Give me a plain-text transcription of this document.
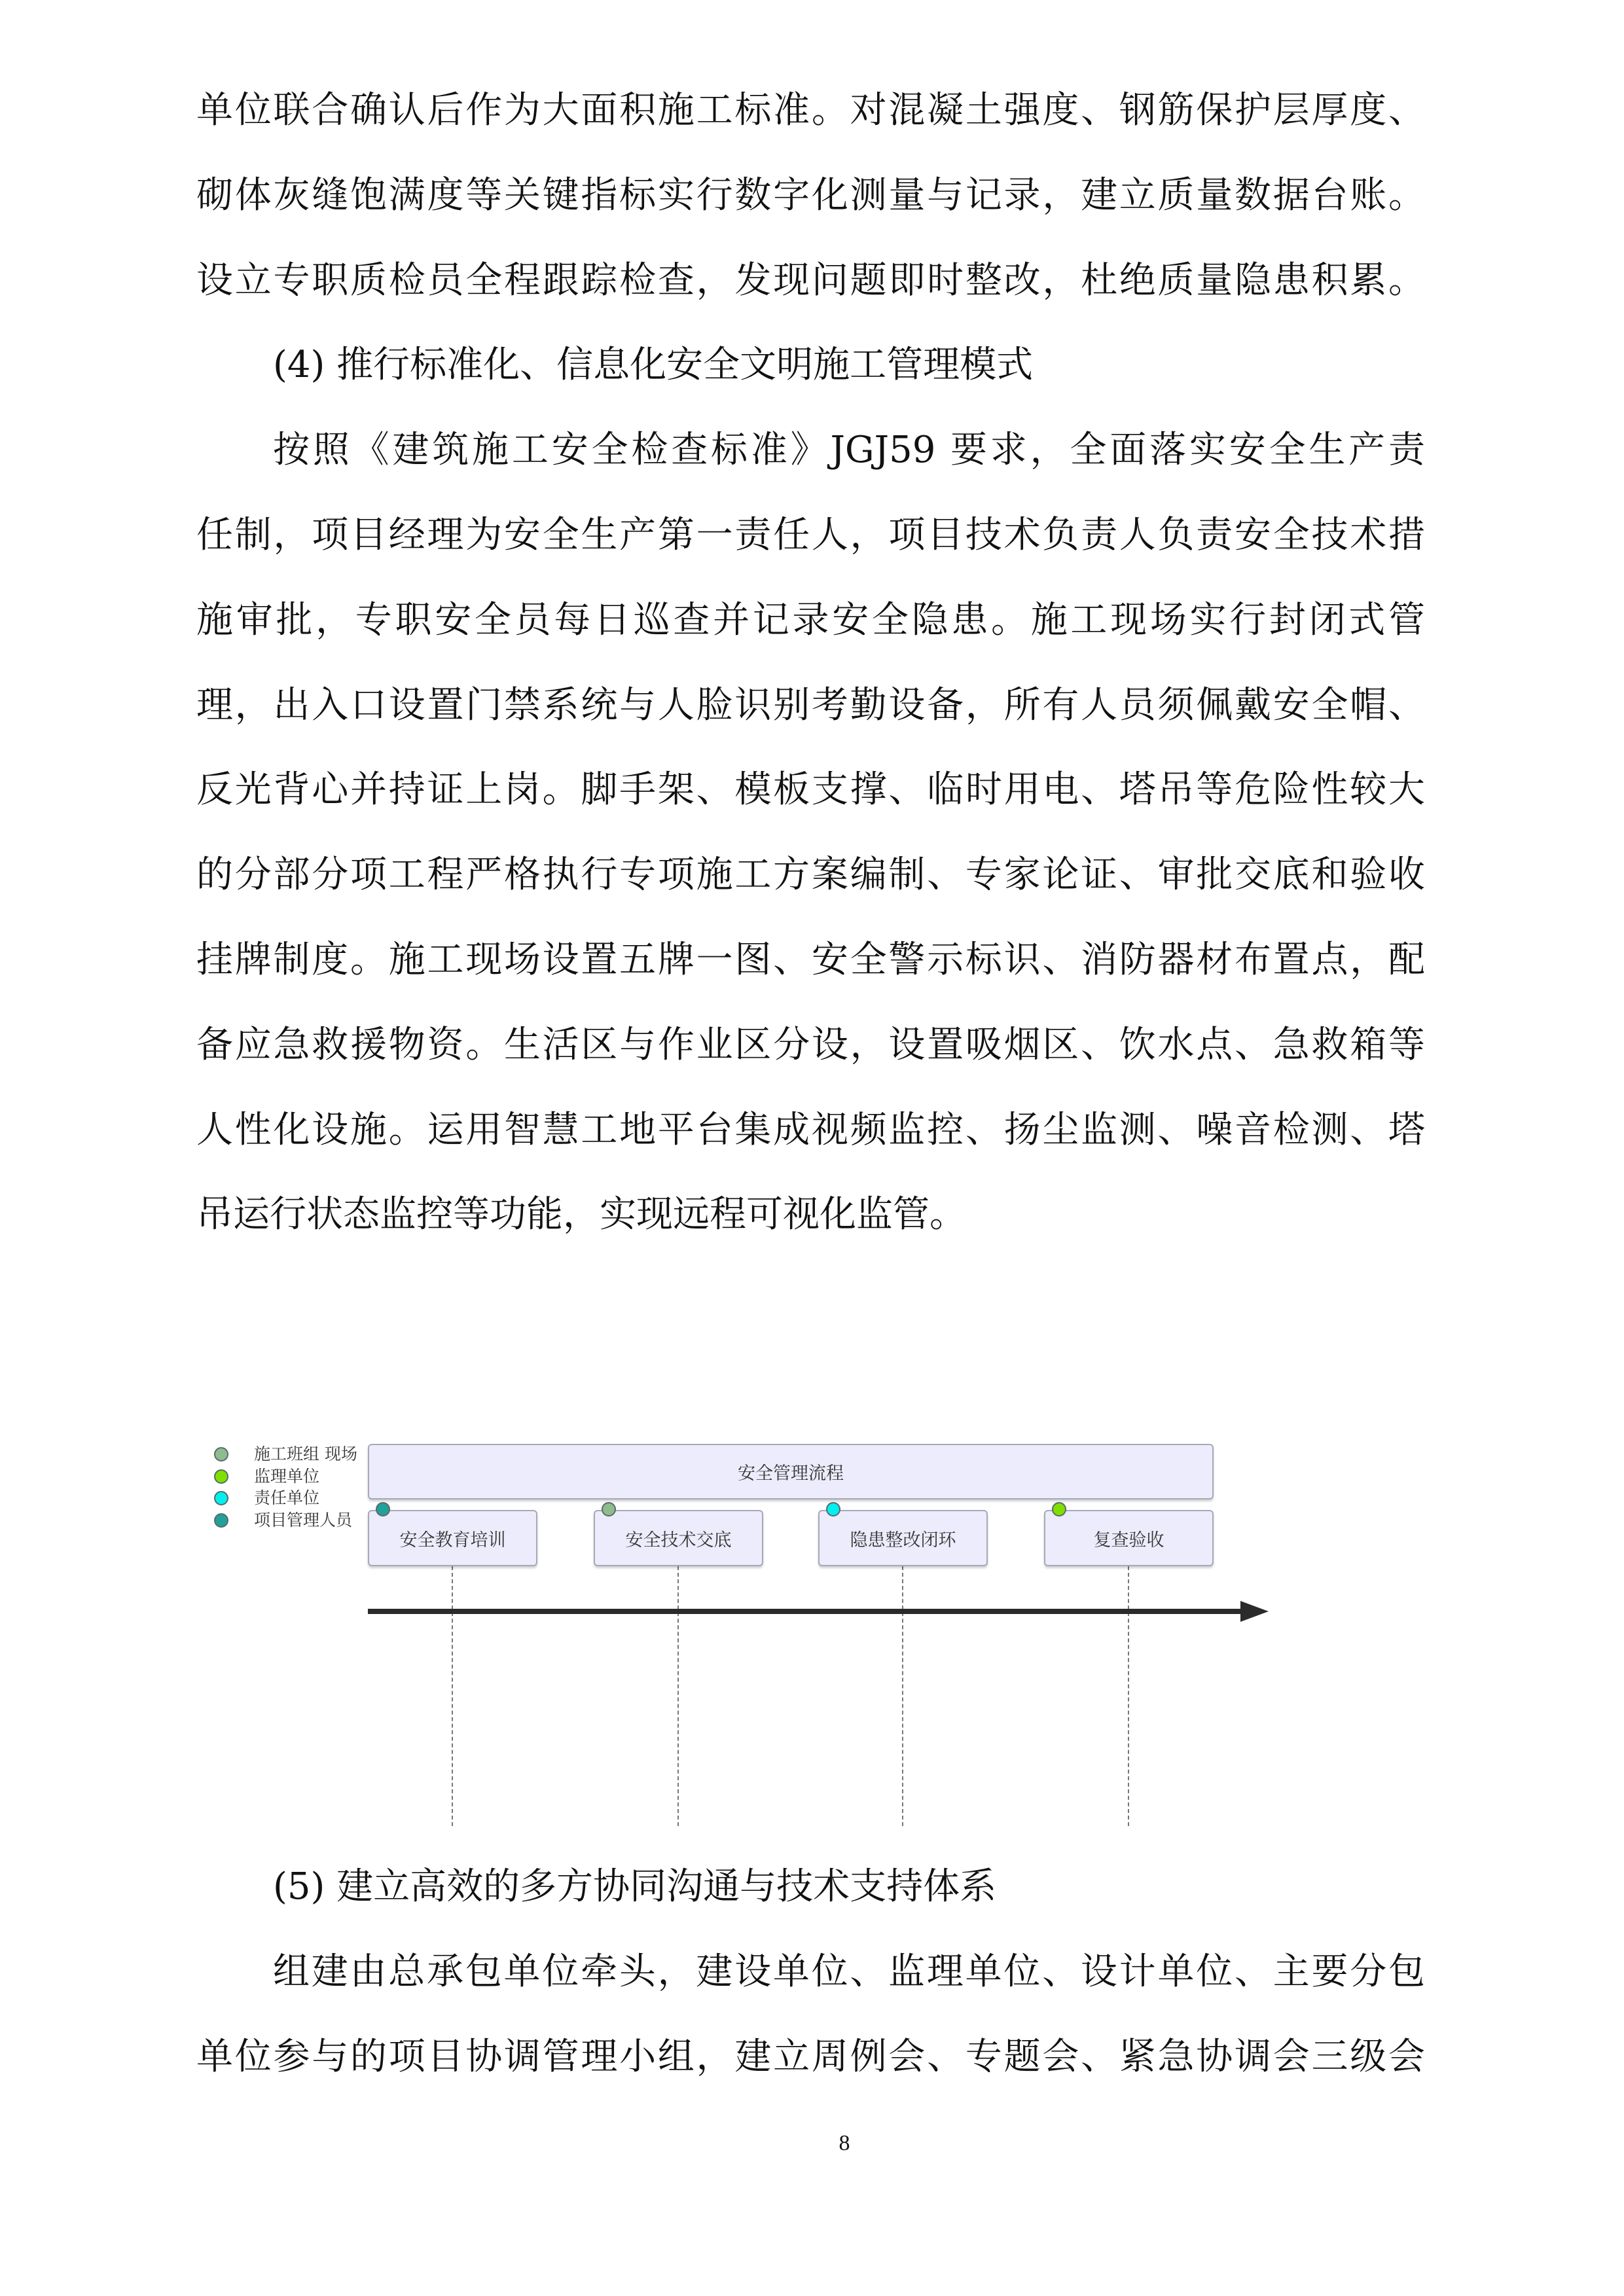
单位联合确认后作为大面积施工标准。对混凝土强度、钢筋保护层厚度、
砌体灰缝饱满度等关键指标实行数字化测量与记录，建立质量数据台账。
设立专职质检员全程跟踪检查，发现问题即时整改，杜绝质量隐患积累。
(4) 推行标准化、信息化安全文明施工管理模式
按照《建筑施工安全检查标准》JGJ59 要求，全面落实安全生产责
任制，项目经理为安全生产第一责任人，项目技术负责人负责安全技术措
施审批，专职安全员每日巡查并记录安全隐患。施工现场实行封闭式管
理，出入口设置门禁系统与人脸识别考勤设备，所有人员须佩戴安全帽、
反光背心并持证上岗。脚手架、模板支撑、临时用电、塔吊等危险性较大
的分部分项工程严格执行专项施工方案编制、专家论证、审批交底和验收
挂牌制度。施工现场设置五牌一图、安全警示标识、消防器材布置点，配
备应急救援物资。生活区与作业区分设，设置吸烟区、饮水点、急救箱等
人性化设施。运用智慧工地平台集成视频监控、扬尘监测、噪音检测、塔
吊运行状态监控等功能，实现远程可视化监管。
施工班组 现场
监理单位
责任单位
项目管理人员
安全管理流程
安全教育培训	安全技术交底	隐患整改闭环	复查验收
(5) 建立高效的多方协同沟通与技术支持体系
组建由总承包单位牵头，建设单位、监理单位、设计单位、主要分包
单位参与的项目协调管理小组，建立周例会、专题会、紧急协调会三级会
8
